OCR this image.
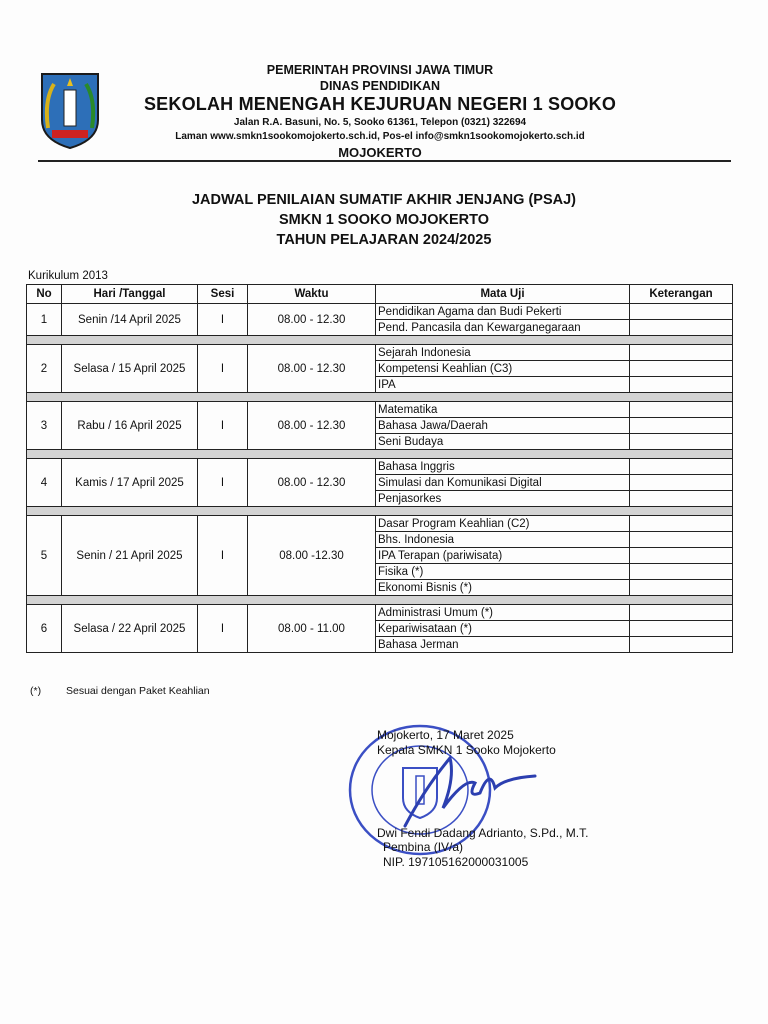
PEMERINTAH PROVINSI JAWA TIMUR
DINAS PENDIDIKAN
SEKOLAH MENENGAH KEJURUAN NEGERI 1 SOOKO
Jalan R.A. Basuni, No. 5, Sooko 61361, Telepon (0321) 322694
Laman www.smkn1sookomojokerto.sch.id, Pos-el info@smkn1sookomojokerto.sch.id
MOJOKERTO
JADWAL PENILAIAN SUMATIF AKHIR JENJANG (PSAJ)
SMKN 1 SOOKO MOJOKERTO
TAHUN PELAJARAN 2024/2025
Kurikulum 2013
No	Hari /Tanggal	Sesi	Waktu	Mata Uji	Keterangan
1	Senin /14 April 2025	I	08.00 - 12.30	Pendidikan Agama dan Budi Pekerti	
				Pend. Pancasila dan Kewarganegaraan	

2	Selasa / 15 April 2025	I	08.00 - 12.30	Sejarah Indonesia	
				Kompetensi Keahlian (C3)	
				IPA	

3	Rabu / 16 April 2025	I	08.00 - 12.30	Matematika	
				Bahasa Jawa/Daerah	
				Seni Budaya	

4	Kamis / 17 April 2025	I	08.00 - 12.30	Bahasa Inggris	
				Simulasi dan Komunikasi Digital	
				Penjasorkes	

5	Senin / 21 April 2025	I	08.00 -12.30	Dasar Program Keahlian (C2)	
				Bhs. Indonesia	
				IPA Terapan (pariwisata)	
				Fisika (*)	
				Ekonomi Bisnis (*)	

6	Selasa / 22 April 2025	I	08.00 - 11.00	Administrasi Umum (*)	
				Kepariwisataan (*)	
				Bahasa Jerman	
(*) Sesuai dengan Paket Keahlian
Mojokerto, 17 Maret 2025
Kepala SMKN 1 Sooko Mojokerto
Dwi Fendi Dadang Adrianto, S.Pd., M.T.
Pembina (IV/a)
NIP. 197105162000031005
